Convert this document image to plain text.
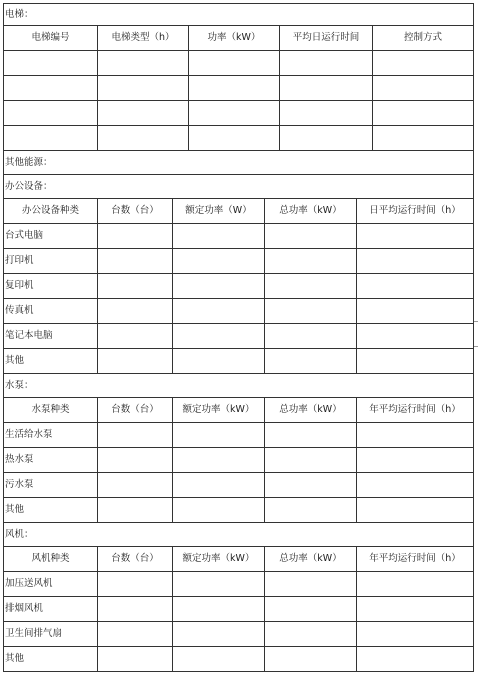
电梯：							
电梯编号	电梯类型（h）		功率（kW）		平均日运行时间		控制方式

其他能源：							
办公设备：							
办公设备种类	台数（台）	额定功率（W）		总功率（kW）		日平均运行时间（h）	
台式电脑							
打印机							
复印机							
传真机							
笔记本电脑							
其他							
水泵：							
水泵种类	台数（台）	额定功率（kW）		总功率（kW）		年平均运行时间（h）	
生活给水泵							
热水泵							
污水泵							
其他							
风机：							
风机种类	台数（台）	额定功率（kW）		总功率（kW）		年平均运行时间（h）	
加压送风机							
排烟风机							
卫生间排气扇							
其他							
